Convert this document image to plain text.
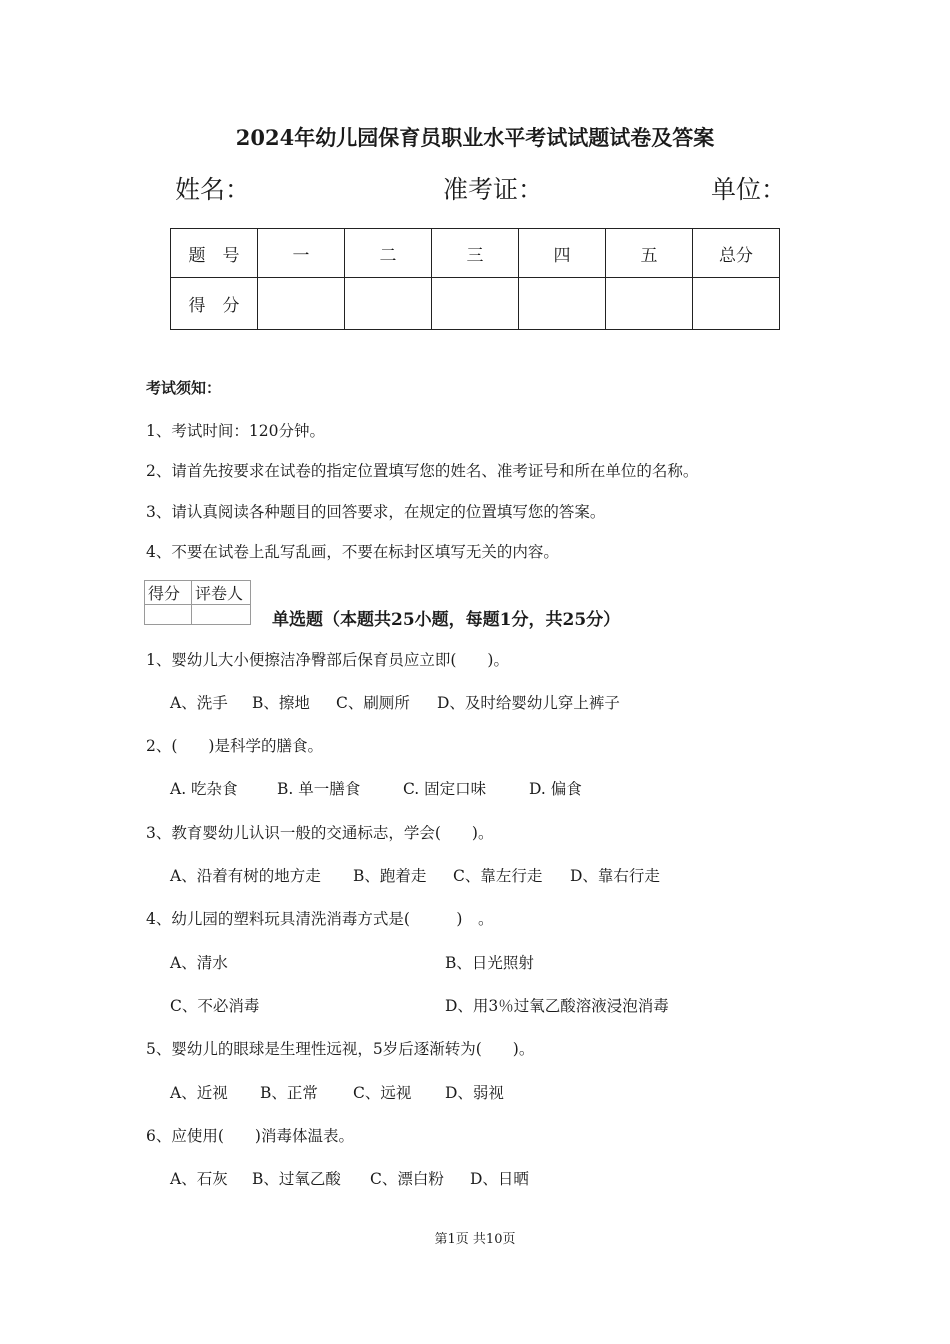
2024年幼儿园保育员职业水平考试试题试卷及答案
姓名：	准考证：	单位：
题　号	一	二	三	四	五	总分
得　分						
考试须知：
1、考试时间：120分钟。
2、请首先按要求在试卷的指定位置填写您的姓名、准考证号和所在单位的名称。
3、请认真阅读各种题目的回答要求，在规定的位置填写您的答案。
4、不要在试卷上乱写乱画，不要在标封区填写无关的内容。
得分	评卷人

单选题（本题共25小题，每题1分，共25分）
1、婴幼儿大小便擦洁净臀部后保育员应立即(　　)。
A、洗手 B、擦地 C、刷厕所 D、及时给婴幼儿穿上裤子
2、(　　)是科学的膳食。
A. 吃杂食	B. 单一膳食	C. 固定口味	D. 偏食
3、教育婴幼儿认识一般的交通标志，学会(　　)。
A、沿着有树的地方走 B、跑着走 C、靠左行走 D、靠右行走
4、幼儿园的塑料玩具清洗消毒方式是(　　　)　。
A、清水	B、日光照射
C、不必消毒	D、用3％过氧乙酸溶液浸泡消毒
5、婴幼儿的眼球是生理性远视，5岁后逐渐转为(　　)。
A、近视 B、正常 C、远视 D、弱视
6、应使用(　　)消毒体温表。
A、石灰 B、过氧乙酸 C、漂白粉 D、日晒
第1页 共10页
